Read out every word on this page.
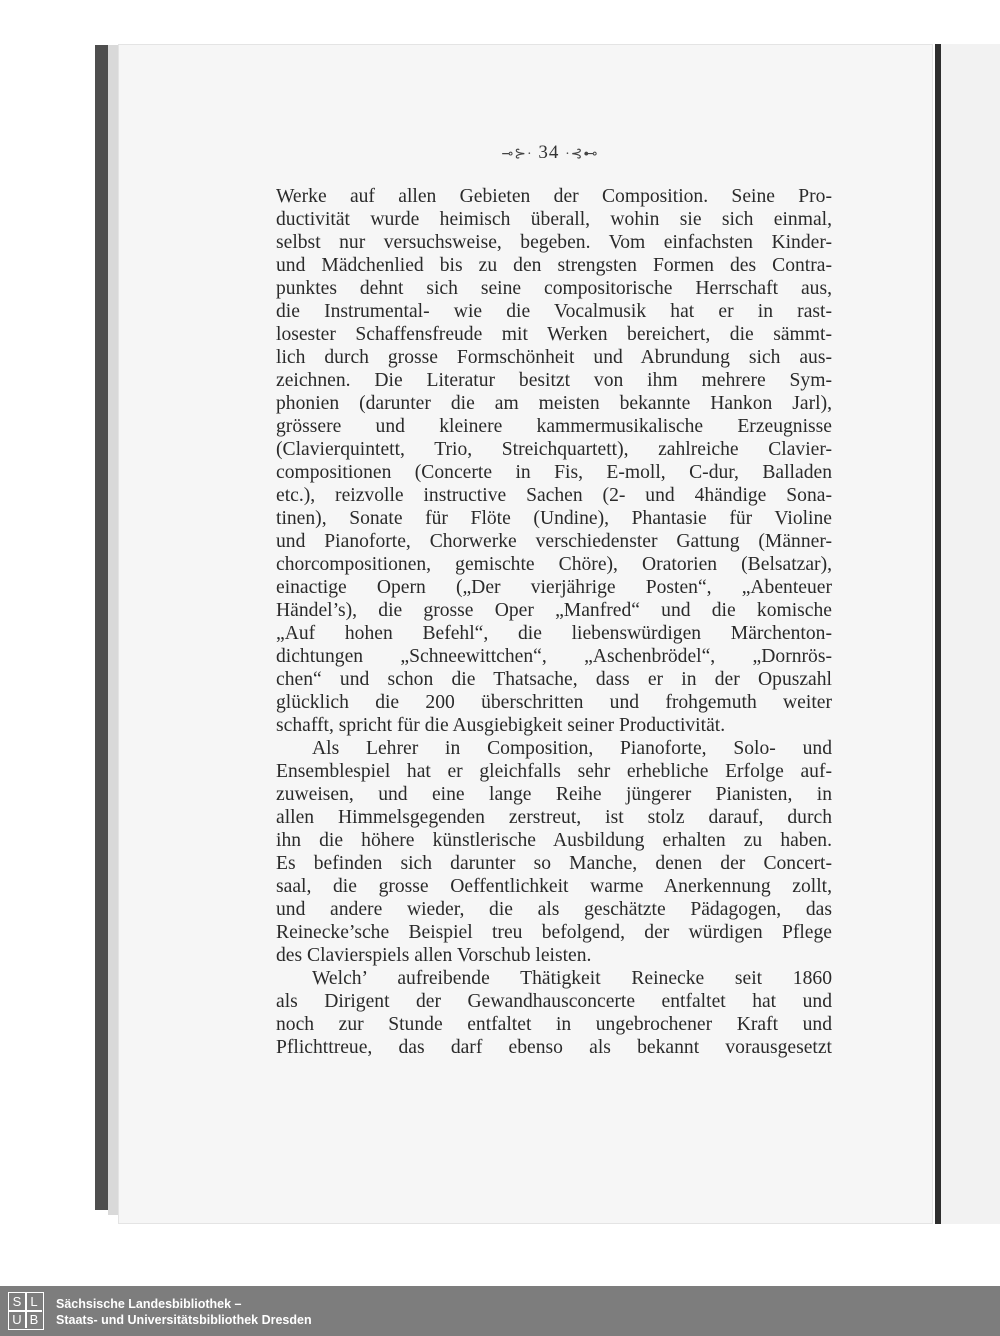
⊸⊱· 34 ·⊰⊷
Werke auf allen Gebieten der Composition. Seine Pro-
ductivität wurde heimisch überall, wohin sie sich einmal,
selbst nur versuchsweise, begeben. Vom einfachsten Kinder-
und Mädchenlied bis zu den strengsten Formen des Contra-
punktes dehnt sich seine compositorische Herrschaft aus,
die Instrumental- wie die Vocalmusik hat er in rast-
losester Schaffensfreude mit Werken bereichert, die sämmt-
lich durch grosse Formschönheit und Abrundung sich aus-
zeichnen. Die Literatur besitzt von ihm mehrere Sym-
phonien (darunter die am meisten bekannte Hankon Jarl),
grössere und kleinere kammermusikalische Erzeugnisse
(Clavierquintett, Trio, Streichquartett), zahlreiche Clavier-
compositionen (Concerte in Fis, E-moll, C-dur, Balladen
etc.), reizvolle instructive Sachen (2- und 4händige Sona-
tinen), Sonate für Flöte (Undine), Phantasie für Violine
und Pianoforte, Chorwerke verschiedenster Gattung (Männer-
chorcompositionen, gemischte Chöre), Oratorien (Belsatzar),
einactige Opern („Der vierjährige Posten“, „Abenteuer
Händel’s), die grosse Oper „Manfred“ und die komische
„Auf hohen Befehl“, die liebenswürdigen Märchenton-
dichtungen „Schneewittchen“, „Aschenbrödel“, „Dornrös-
chen“ und schon die Thatsache, dass er in der Opuszahl
glücklich die 200 überschritten und frohgemuth weiter
schafft, spricht für die Ausgiebigkeit seiner Productivität.
Als Lehrer in Composition, Pianoforte, Solo- und
Ensemblespiel hat er gleichfalls sehr erhebliche Erfolge auf-
zuweisen, und eine lange Reihe jüngerer Pianisten, in
allen Himmelsgegenden zerstreut, ist stolz darauf, durch
ihn die höhere künstlerische Ausbildung erhalten zu haben.
Es befinden sich darunter so Manche, denen der Concert-
saal, die grosse Oeffentlichkeit warme Anerkennung zollt,
und andere wieder, die als geschätzte Pädagogen, das
Reinecke’sche Beispiel treu befolgend, der würdigen Pflege
des Clavierspiels allen Vorschub leisten.
Welch’ aufreibende Thätigkeit Reinecke seit 1860
als Dirigent der Gewandhausconcerte entfaltet hat und
noch zur Stunde entfaltet in ungebrochener Kraft und
Pflichttreue, das darf ebenso als bekannt vorausgesetzt
S L
U B
Sächsische Landesbibliothek –
Staats- und Universitätsbibliothek Dresden
